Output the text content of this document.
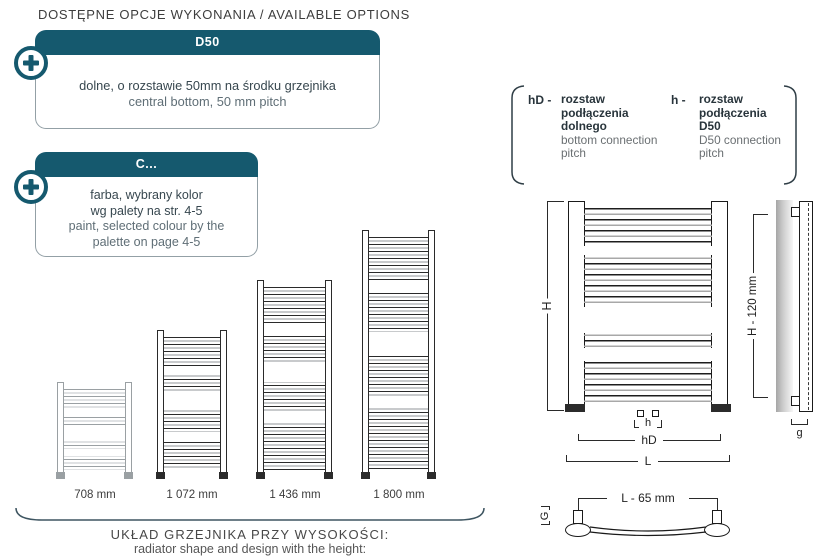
DOSTĘPNE OPCJE WYKONANIA / AVAILABLE OPTIONS
D50
dolne, o rozstawie 50mm na środku grzejnika
central bottom, 50 mm pitch
C...
farba, wybrany kolor
wg palety na str. 4-5
paint, selected colour by the
palette on page 4-5
hD - rozstaw
podłączenia
dolnego
bottom connection
pitch
h - rozstaw
podłączenia
D50
D50 connection
pitch
708 mm	1 072 mm	1 436 mm	1 800 mm
UKŁAD GRZEJNIKA PRZY WYSOKOŚCI:
radiator shape and design with the height:
H
h
hD
L
H - 120 mm
g
L - 65 mm
G
